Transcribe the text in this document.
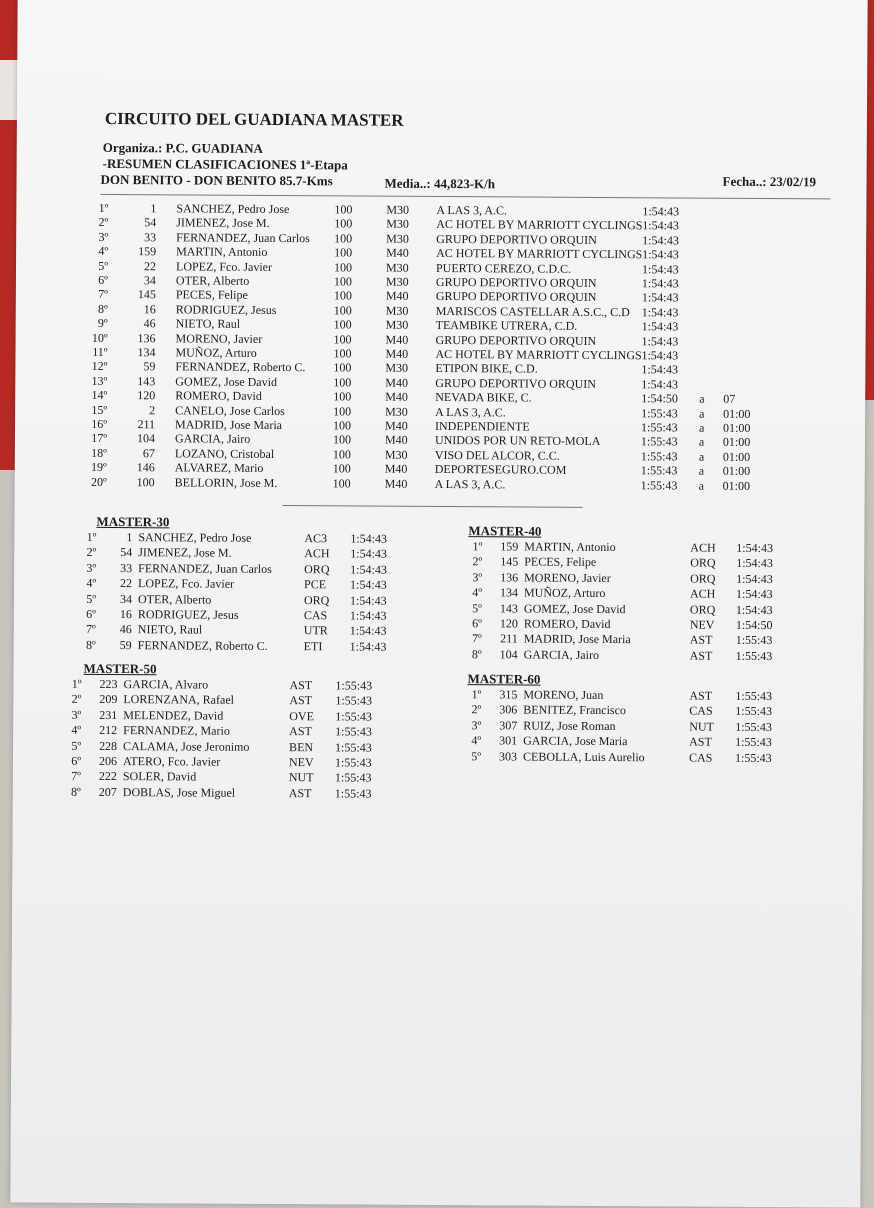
CIRCUITO DEL GUADIANA MASTER
Organiza.: P.C. GUADIANA
-RESUMEN CLASIFICACIONES 1ª-Etapa
DON BENITO - DON BENITO 85.7-Kms	Media..: 44,823-K/h	Fecha..: 23/02/19
1º	1 SANCHEZ, Pedro Jose	100	M30 A LAS 3, A.C.	1:54:43
2º	54 JIMENEZ, Jose M.	100	M30 AC HOTEL BY MARRIOTT CYCLINGS 1:54:43
3º	33 FERNANDEZ, Juan Carlos 100	M30 GRUPO DEPORTIVO ORQUIN	1:54:43
4º	159 MARTIN, Antonio	100	M40 AC HOTEL BY MARRIOTT CYCLINGS 1:54:43
5º	22 LOPEZ, Fco. Javier	100	M30 PUERTO CEREZO, C.D.C.	1:54:43
6º	34 OTER, Alberto	100	M30 GRUPO DEPORTIVO ORQUIN	1:54:43
7º	145 PECES, Felipe	100	M40 GRUPO DEPORTIVO ORQUIN	1:54:43
8º	16 RODRIGUEZ, Jesus	100	M30 MARISCOS CASTELLAR A.S.C., C.D 1:54:43
9º	46 NIETO, Raul	100	M30 TEAMBIKE UTRERA, C.D.	1:54:43
10º	136 MORENO, Javier	100	M40 GRUPO DEPORTIVO ORQUIN	1:54:43
11º	134 MUÑOZ, Arturo	100	M40 AC HOTEL BY MARRIOTT CYCLINGS 1:54:43
12º	59 FERNANDEZ, Roberto C. 100	M30 ETIPON BIKE, C.D.	1:54:43
13º	143 GOMEZ, Jose David	100	M40 GRUPO DEPORTIVO ORQUIN	1:54:43
14º	120 ROMERO, David	100	M40 NEVADA BIKE, C.	1:54:50 a 07
15º	2 CANELO, Jose Carlos	100	M30 A LAS 3, A.C.	1:55:43 a 01:00
16º	211 MADRID, Jose Maria	100	M40 INDEPENDIENTE	1:55:43 a 01:00
17º	104 GARCIA, Jairo	100	M40 UNIDOS POR UN RETO-MOLA	1:55:43 a 01:00
18º	67 LOZANO, Cristobal	100	M30 VISO DEL ALCOR, C.C.	1:55:43 a 01:00
19º	146 ALVAREZ, Mario	100	M40 DEPORTESEGURO.COM	1:55:43 a 01:00
20º	100 BELLORIN, Jose M.	100	M40 A LAS 3, A.C.	1:55:43 a 01:00
MASTER-30
1º	1 SANCHEZ, Pedro Jose	AC3 1:54:43
2º	54 JIMENEZ, Jose M.	ACH 1:54:43
3º	33 FERNANDEZ, Juan Carlos	ORQ 1:54:43
4º	22 LOPEZ, Fco. Javier	PCE 1:54:43
5º	34 OTER, Alberto	ORQ 1:54:43
6º	16 RODRIGUEZ, Jesus	CAS 1:54:43
7º	46 NIETO, Raul	UTR 1:54:43
8º	59 FERNANDEZ, Roberto C.	ETI 1:54:43
MASTER-40
1º	159 MARTIN, Antonio	ACH 1:54:43
2º	145 PECES, Felipe	ORQ 1:54:43
3º	136 MORENO, Javier	ORQ 1:54:43
4º	134 MUÑOZ, Arturo	ACH 1:54:43
5º	143 GOMEZ, Jose David	ORQ 1:54:43
6º	120 ROMERO, David	NEV 1:54:50
7º	211 MADRID, Jose Maria	AST 1:55:43
8º	104 GARCIA, Jairo	AST 1:55:43
MASTER-50
1º	223 GARCIA, Alvaro	AST 1:55:43
2º	209 LORENZANA, Rafael	AST 1:55:43
3º	231 MELENDEZ, David	OVE 1:55:43
4º	212 FERNANDEZ, Mario	AST 1:55:43
5º	228 CALAMA, Jose Jeronimo	BEN 1:55:43
6º	206 ATERO, Fco. Javier	NEV 1:55:43
7º	222 SOLER, David	NUT 1:55:43
8º	207 DOBLAS, Jose Miguel	AST 1:55:43
MASTER-60
1º	315 MORENO, Juan	AST 1:55:43
2º	306 BENITEZ, Francisco	CAS 1:55:43
3º	307 RUIZ, Jose Roman	NUT 1:55:43
4º	301 GARCIA, Jose Maria	AST 1:55:43
5º	303 CEBOLLA, Luis Aurelio	CAS 1:55:43
